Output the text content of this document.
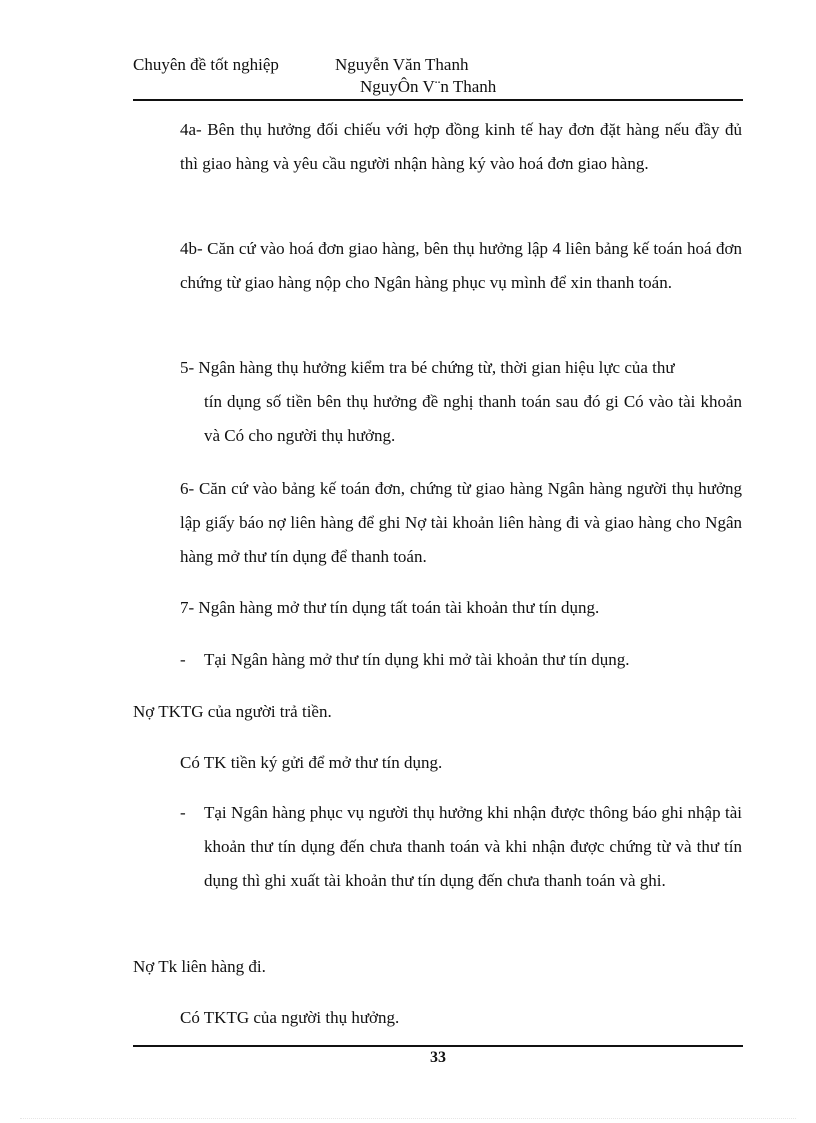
Chuyên đề tốt nghiệp	Nguyễn Văn Thanh
NguyÔn V¨n Thanh
4a- Bên thụ hưởng đối chiếu với hợp đồng kinh tế hay đơn đặt hàng nếu đầy đủ thì giao hàng và yêu cầu người nhận hàng ký vào hoá đơn giao hàng.
4b- Căn cứ vào hoá đơn giao hàng, bên thụ hưởng lập 4 liên bảng kế toán hoá đơn chứng từ giao hàng nộp cho Ngân hàng phục vụ mình để xin thanh toán.
5- Ngân hàng thụ hưởng kiểm tra bé chứng từ, thời gian hiệu lực của thư
tín dụng số tiền bên thụ hưởng đề nghị thanh toán sau đó gi Có vào tài khoản và Có cho người thụ hưởng.
6- Căn cứ vào bảng kế toán đơn, chứng từ giao hàng Ngân hàng người thụ hưởng lập giấy báo nợ liên hàng để ghi Nợ tài khoản liên hàng đi và giao hàng cho Ngân hàng mở thư tín dụng để thanh toán.
7- Ngân hàng mở thư tín dụng tất toán tài khoản thư tín dụng.
- Tại Ngân hàng mở thư tín dụng khi mở tài khoản thư tín dụng.
Nợ TKTG của người trả tiền.
Có TK tiền ký gửi để mở thư tín dụng.
- Tại Ngân hàng phục vụ người thụ hưởng khi nhận được thông báo ghi nhập tài khoản thư tín dụng đến chưa thanh toán và khi nhận được chứng từ và thư tín dụng thì ghi xuất tài khoản thư tín dụng đến chưa thanh toán và ghi.
Nợ Tk liên hàng đi.
Có TKTG của người thụ hưởng.
33
